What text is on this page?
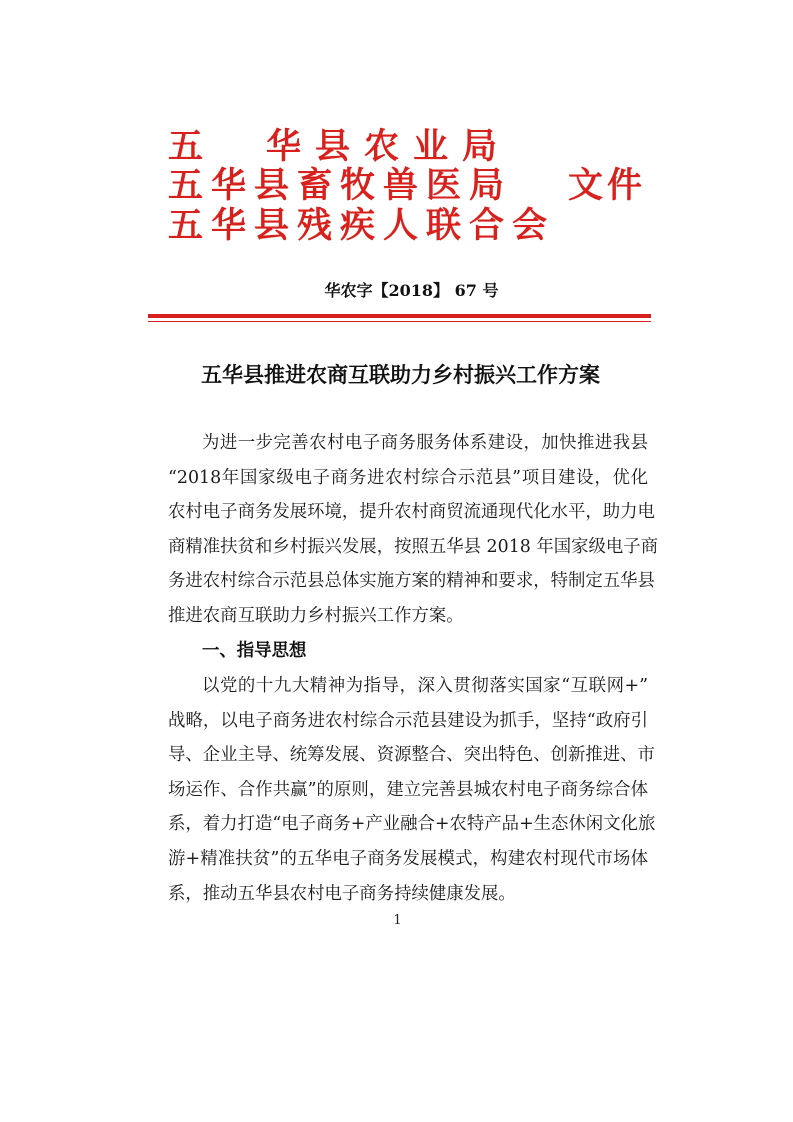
五　华县农业局
五华县畜牧兽医局
五华县残疾人联合会
文件
华农字【2018】 67 号
五华县推进农商互联助力乡村振兴工作方案
为进一步完善农村电子商务服务体系建设，加快推进我县
“2018年国家级电子商务进农村综合示范县”项目建设，优化
农村电子商务发展环境，提升农村商贸流通现代化水平，助力电
商精准扶贫和乡村振兴发展，按照五华县 2018 年国家级电子商
务进农村综合示范县总体实施方案的精神和要求，特制定五华县
推进农商互联助力乡村振兴工作方案。
一、指导思想
以党的十九大精神为指导，深入贯彻落实国家“互联网+”
战略，以电子商务进农村综合示范县建设为抓手，坚持“政府引
导、企业主导、统筹发展、资源整合、突出特色、创新推进、市
场运作、合作共赢”的原则，建立完善县城农村电子商务综合体
系，着力打造“电子商务+产业融合+农特产品+生态休闲文化旅
游+精准扶贫”的五华电子商务发展模式，构建农村现代市场体
系，推动五华县农村电子商务持续健康发展。
1
